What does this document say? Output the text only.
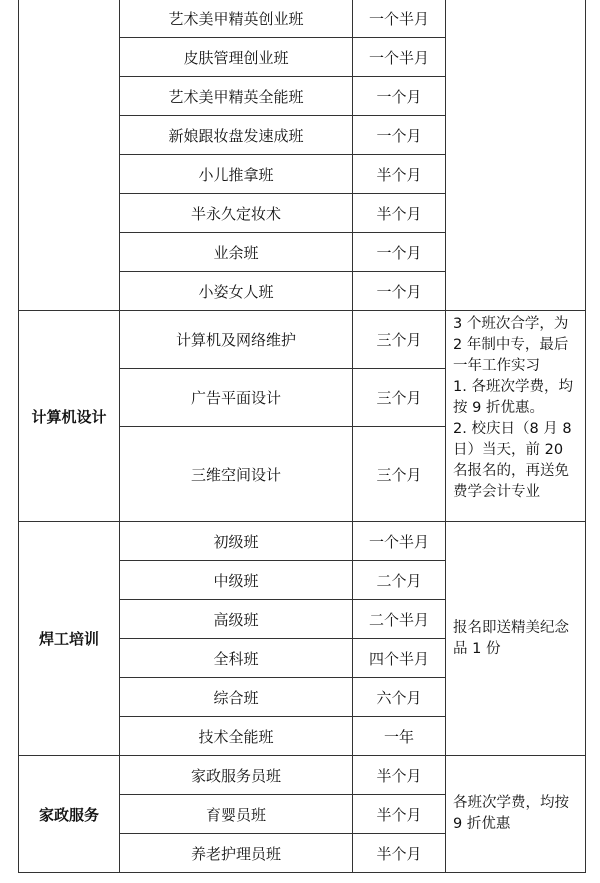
	艺术美甲精英创业班	一个半月	
	皮肤管理创业班	一个半月	
	艺术美甲精英全能班	一个月	
	新娘跟妆盘发速成班	一个月	
	小儿推拿班	半个月	
	半永久定妆术	半个月	
	业余班	一个月	
	小姿女人班	一个月	
计算机设计	计算机及网络维护	三个月	3 个班次合学，为 2 年制中专，最后一年工作实习
1. 各班次学费，均按 9 折优惠。
2. 校庆日（8 月 8 日）当天，前 20 名报名的，再送免费学会计专业

	广告平面设计	三个月	
	三维空间设计	三个月	
焊工培训	初级班	一个半月	报名即送精美纪念品 1 份
	中级班	二个月	
	高级班	二个半月	
	全科班	四个半月	
	综合班	六个月	
	技术全能班	一年	
家政服务	家政服务员班	半个月	各班次学费，均按 9 折优惠
	育婴员班	半个月	
	养老护理员班	半个月	
